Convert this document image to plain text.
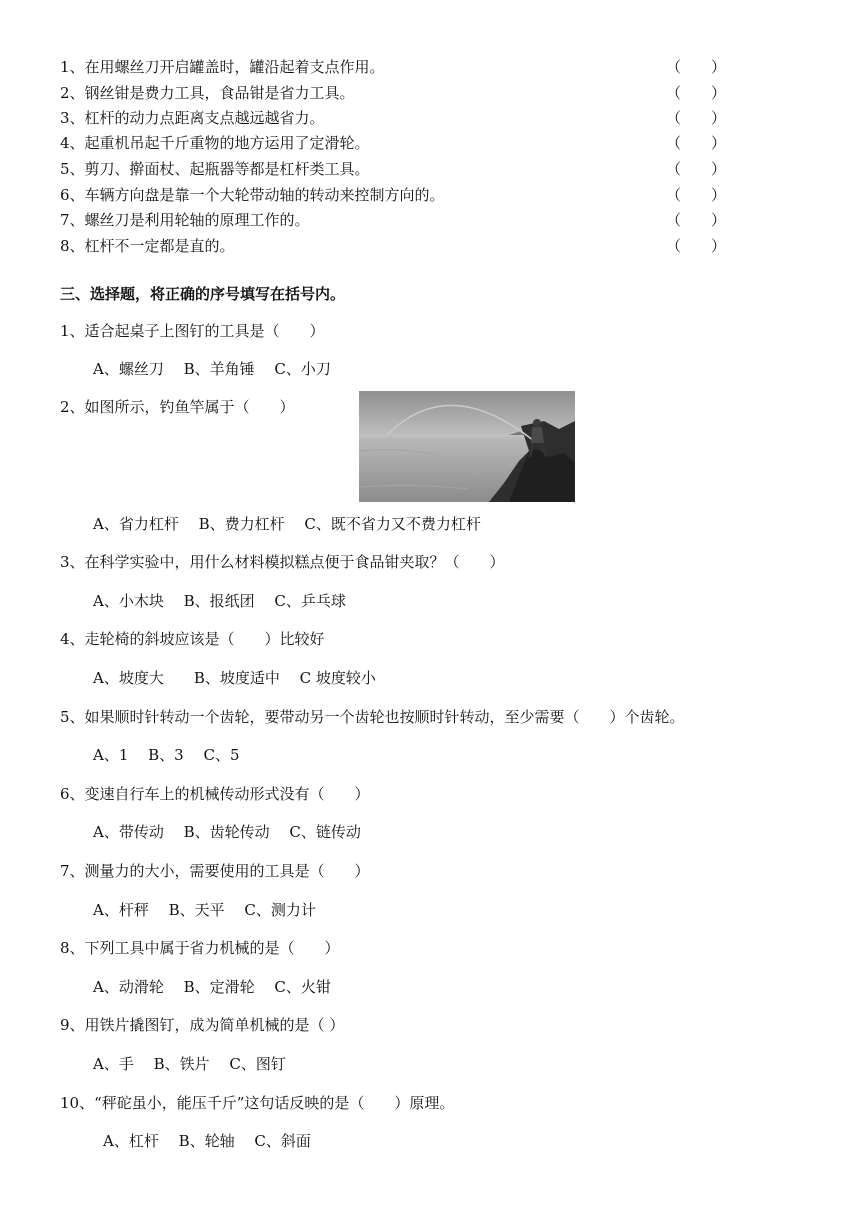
1、在用螺丝刀开启罐盖时，罐沿起着支点作用。	（　　）
2、钢丝钳是费力工具，食品钳是省力工具。	（　　）
3、杠杆的动力点距离支点越远越省力。	（　　）
4、起重机吊起千斤重物的地方运用了定滑轮。	（　　）
5、剪刀、擀面杖、起瓶器等都是杠杆类工具。	（　　）
6、车辆方向盘是靠一个大轮带动轴的转动来控制方向的。	（　　）
7、螺丝刀是利用轮轴的原理工作的。	（　　）
8、杠杆不一定都是直的。	（　　）
三、选择题，将正确的序号填写在括号内。
1、适合起桌子上图钉的工具是（　　）
A、螺丝刀　 B、羊角锤　 C、小刀
2、如图所示，钓鱼竿属于（　　）
A、省力杠杆　 B、费力杠杆　 C、既不省力又不费力杠杆
3、在科学实验中，用什么材料模拟糕点便于食品钳夹取？（　　）
A、小木块　 B、报纸团　 C、乒乓球
4、走轮椅的斜坡应该是（　　）比较好
A、坡度大　　B、坡度适中　 C 坡度较小
5、如果顺时针转动一个齿轮，要带动另一个齿轮也按顺时针转动，至少需要（　　）个齿轮。
A、1　 B、3　 C、5
6、变速自行车上的机械传动形式没有（　　）
A、带传动　 B、齿轮传动　 C、链传动
7、测量力的大小，需要使用的工具是（　　）
A、杆秤　 B、天平　 C、测力计
8、下列工具中属于省力机械的是（　　）
A、动滑轮　 B、定滑轮　 C、火钳
9、用铁片撬图钉，成为简单机械的是（ ）
A、手　 B、铁片　 C、图钉
10、“秤砣虽小，能压千斤”这句话反映的是（　　）原理。
A、杠杆　 B、轮轴　 C、斜面
